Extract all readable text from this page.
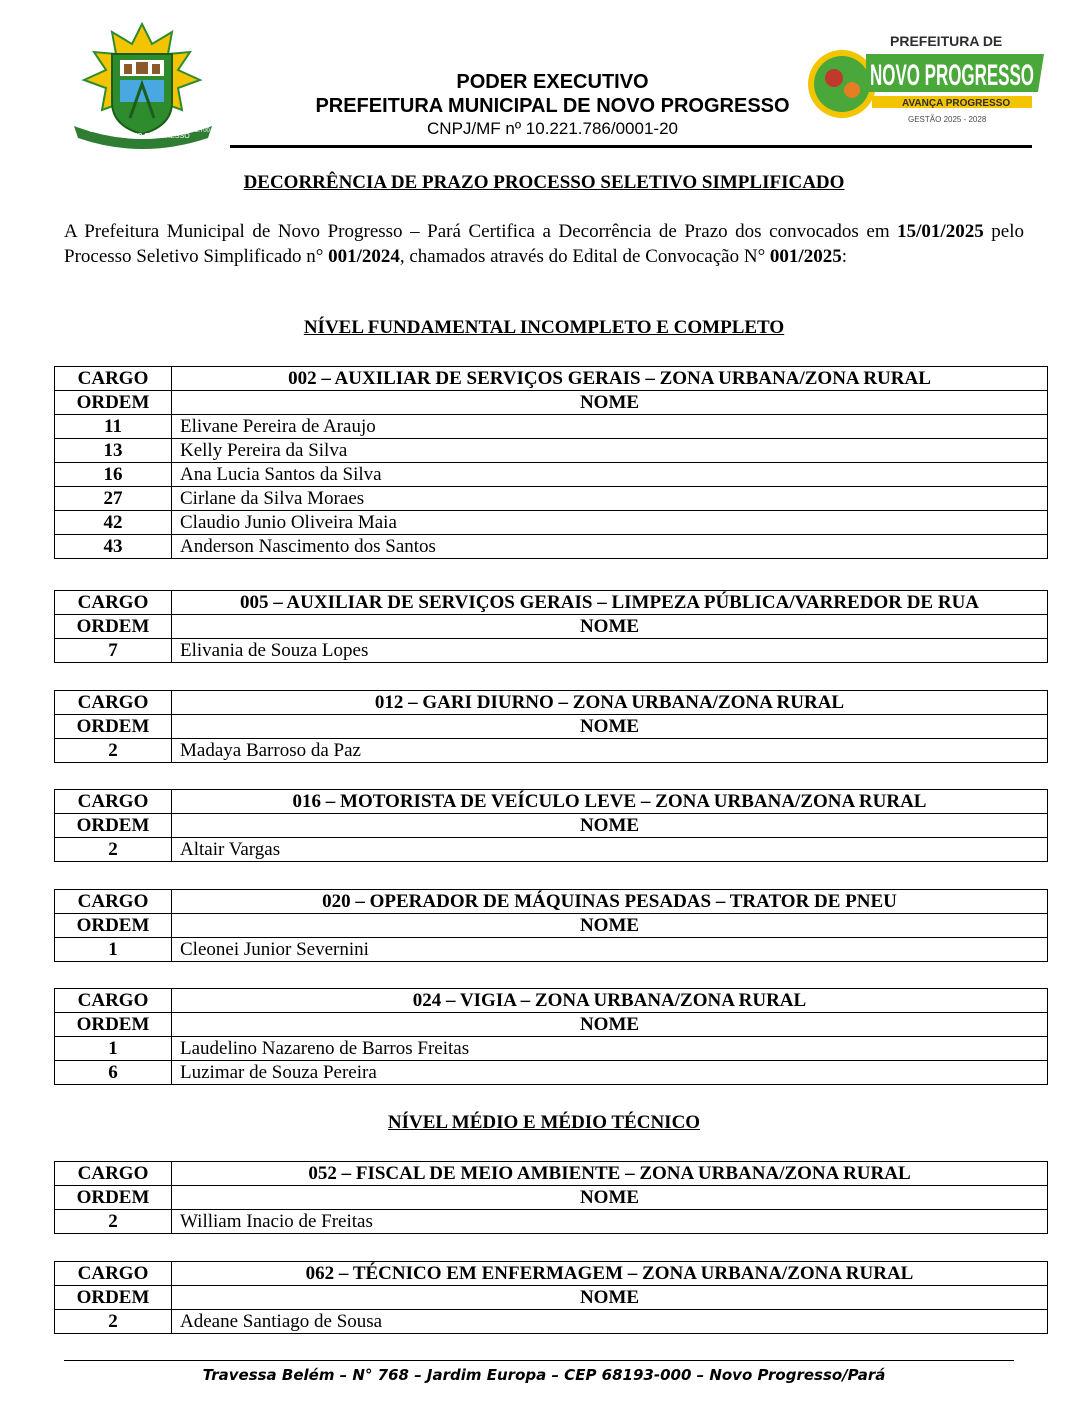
28.12.1991
NOVO PROGRESSO
LEI Nº 5.700
PODER EXECUTIVO
PREFEITURA MUNICIPAL DE NOVO PROGRESSO
CNPJ/MF nº 10.221.786/0001-20
PREFEITURA DE
NOVO PROGRESSO
AVANÇA PROGRESSO
GESTÃO 2025 - 2028
DECORRÊNCIA DE PRAZO PROCESSO SELETIVO SIMPLIFICADO
A Prefeitura Municipal de Novo Progresso – Pará Certifica a Decorrência de Prazo dos convocados em 15/01/2025 pelo Processo Seletivo Simplificado n° 001/2024, chamados através do Edital de Convocação N° 001/2025:
NÍVEL FUNDAMENTAL INCOMPLETO E COMPLETO
CARGO	002 – AUXILIAR DE SERVIÇOS GERAIS – ZONA URBANA/ZONA RURAL
ORDEM	NOME
11	Elivane Pereira de Araujo
13	Kelly Pereira da Silva
16	Ana Lucia Santos da Silva
27	Cirlane da Silva Moraes
42	Claudio Junio Oliveira Maia
43	Anderson Nascimento dos Santos
CARGO	005 – AUXILIAR DE SERVIÇOS GERAIS – LIMPEZA PÚBLICA/VARREDOR DE RUA
ORDEM	NOME
7	Elivania de Souza Lopes
CARGO	012 – GARI DIURNO – ZONA URBANA/ZONA RURAL
ORDEM	NOME
2	Madaya Barroso da Paz
CARGO	016 – MOTORISTA DE VEÍCULO LEVE – ZONA URBANA/ZONA RURAL
ORDEM	NOME
2	Altair Vargas
CARGO	020 – OPERADOR DE MÁQUINAS PESADAS – TRATOR DE PNEU
ORDEM	NOME
1	Cleonei Junior Severnini
CARGO	024 – VIGIA – ZONA URBANA/ZONA RURAL
ORDEM	NOME
1	Laudelino Nazareno de Barros Freitas
6	Luzimar de Souza Pereira
NÍVEL MÉDIO E MÉDIO TÉCNICO
CARGO	052 – FISCAL DE MEIO AMBIENTE – ZONA URBANA/ZONA RURAL
ORDEM	NOME
2	William Inacio de Freitas
CARGO	062 – TÉCNICO EM ENFERMAGEM – ZONA URBANA/ZONA RURAL
ORDEM	NOME
2	Adeane Santiago de Sousa
Travessa Belém – N° 768 – Jardim Europa – CEP 68193-000 – Novo Progresso/Pará
